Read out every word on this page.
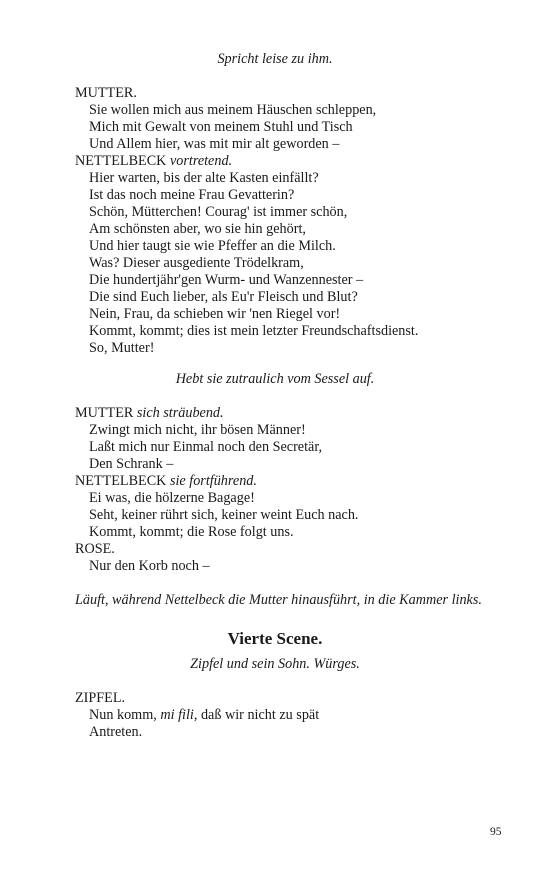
Spricht leise zu ihm.
MUTTER.
Sie wollen mich aus meinem Häuschen schleppen,
Mich mit Gewalt von meinem Stuhl und Tisch
Und Allem hier, was mit mir alt geworden –
NETTELBECK vortretend.
Hier warten, bis der alte Kasten einfällt?
Ist das noch meine Frau Gevatterin?
Schön, Mütterchen! Courag' ist immer schön,
Am schönsten aber, wo sie hin gehört,
Und hier taugt sie wie Pfeffer an die Milch.
Was? Dieser ausgediente Trödelkram,
Die hundertjähr'gen Wurm- und Wanzennester –
Die sind Euch lieber, als Eu'r Fleisch und Blut?
Nein, Frau, da schieben wir 'nen Riegel vor!
Kommt, kommt; dies ist mein letzter Freundschaftsdienst.
So, Mutter!
Hebt sie zutraulich vom Sessel auf.
MUTTER sich sträubend.
Zwingt mich nicht, ihr bösen Männer!
Laßt mich nur Einmal noch den Secretär,
Den Schrank –
NETTELBECK sie fortführend.
Ei was, die hölzerne Bagage!
Seht, keiner rührt sich, keiner weint Euch nach.
Kommt, kommt; die Rose folgt uns.
ROSE.
Nur den Korb noch –
Läuft, während Nettelbeck die Mutter hinausführt, in die Kammer links.
Vierte Scene.
Zipfel und sein Sohn. Würges.
ZIPFEL.
Nun komm, mi fili, daß wir nicht zu spät
Antreten.
95
